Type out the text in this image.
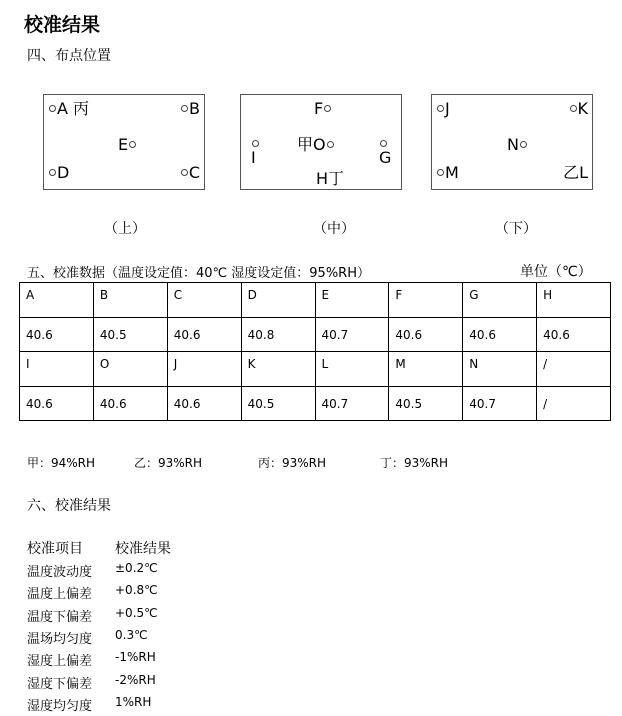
校准结果
四、布点位置
A 丙	B
E
D	C
（上）
F
I
甲O
G
H丁
（中）
J	K
N
M	乙L
（下）
五、校准数据（温度设定值：40℃ 湿度设定值：95%RH）	单位（℃）
A	B	C	D	E	F	G	H
40.6	40.5	40.6	40.8	40.7	40.6	40.6	40.6
I	O	J	K	L	M	N	/
40.6	40.6	40.6	40.5	40.7	40.5	40.7	/
甲：94%RH	乙：93%RH	丙：93%RH	丁：93%RH
六、校准结果
校准项目 校准结果
温度波动度 ±0.2℃
温度上偏差 +0.8℃
温度下偏差 +0.5℃
温场均匀度 0.3℃
湿度上偏差 -1%RH
湿度下偏差 -2%RH
湿度均匀度 1%RH
